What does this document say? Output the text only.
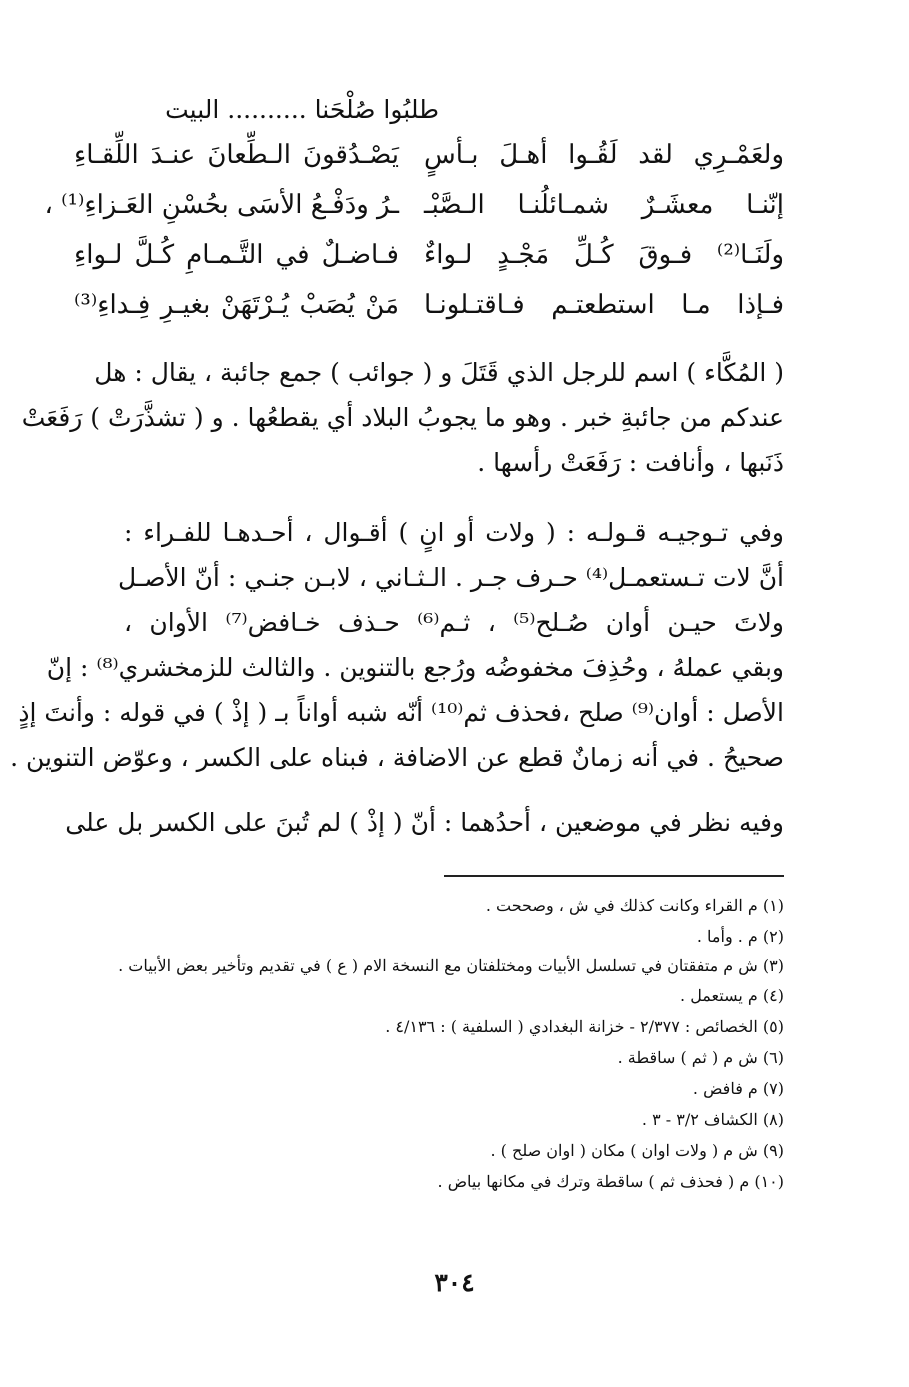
طلبُوا صُلْحَنا .......... البيت
ولعَمْـرِي لقد لَقُـوا أهـلَ بـأسٍ
يَصْـدُقونَ الـطِّعانَ عنـدَ اللِّقـاءِ
إنّنـا معشَـرٌ شمـائلُنـا الـصَّبْـ
ـرُ ودَفْـعُ الأسَى بحُسْنِ العَـزاءِ⁽¹⁾ ،
ولَنَـا⁽²⁾ فـوقَ كُـلِّ مَجْـدٍ لـواءٌ
فـاضـلٌ في التَّـمـامِ كُـلَّ لـواءِ
فـإذا مـا استطعتـم فـاقتـلونـا
مَنْ يُصَبْ يُـرْتَهَنْ بغيـرِ فِـداءِ⁽³⁾
( المُكَّاء ) اسم للرجل الذي قَتَلَ و ( جوائب ) جمع جائبة ، يقال : هل
عندكم من جائبةِ خبر . وهو ما يجوبُ البلاد أي يقطعُها . و ( تشذَّرَتْ ) رَفَعَتْ
ذَنَبها ، وأنافت : رَفَعَتْ رأسها .
وفي تـوجيـه قـولـه : ( ولات أو انٍ ) أقـوال ، أحـدهـا للفـراء :
أنَّ لات تـستعمـل⁽⁴⁾ حـرف جـر . الـثـاني ، لابـن جنـي : أنّ الأصـل
ولاتَ حيـن أوان صُـلح⁽⁵⁾ ، ثـم⁽⁶⁾ حـذف خـافض⁽⁷⁾ الأوان ،
وبقي عملهُ ، وحُذِفَ مخفوضُه ورُجع بالتنوين . والثالث للزمخشري⁽⁸⁾ : إنّ
الأصل : أوان⁽⁹⁾ صلح ،فحذف ثم⁽¹⁰⁾ أنّه شبه أواناً بـ ( إذْ ) في قوله : وأنتَ إذٍ
صحيحُ . في أنه زمانٌ قطع عن الاضافة ، فبناه على الكسر ، وعوّض التنوين .
وفيه نظر في موضعين ، أحدُهما : أنّ ( إذْ ) لم تُبنَ على الكسر بل على
(١) م القراء وكانت كذلك في ش ، وصححت .
(٢) م . وأما .
(٣) ش م متفقتان في تسلسل الأبيات ومختلفتان مع النسخة الام ( ع ) في تقديم وتأخير بعض الأبيات .
(٤) م يستعمل .
(٥) الخصائص : ٢/٣٧٧ - خزانة البغدادي ( السلفية ) : ٤/١٣٦ .
(٦) ش م ( ثم ) ساقطة .
(٧) م فافض .
(٨) الكشاف ٣/٢ - ٣ .
(٩) ش م ( ولات اوان ) مكان ( اوان صلح ) .
(١٠) م ( فحذف ثم ) ساقطة وترك في مكانها بياض .
٣٠٤
